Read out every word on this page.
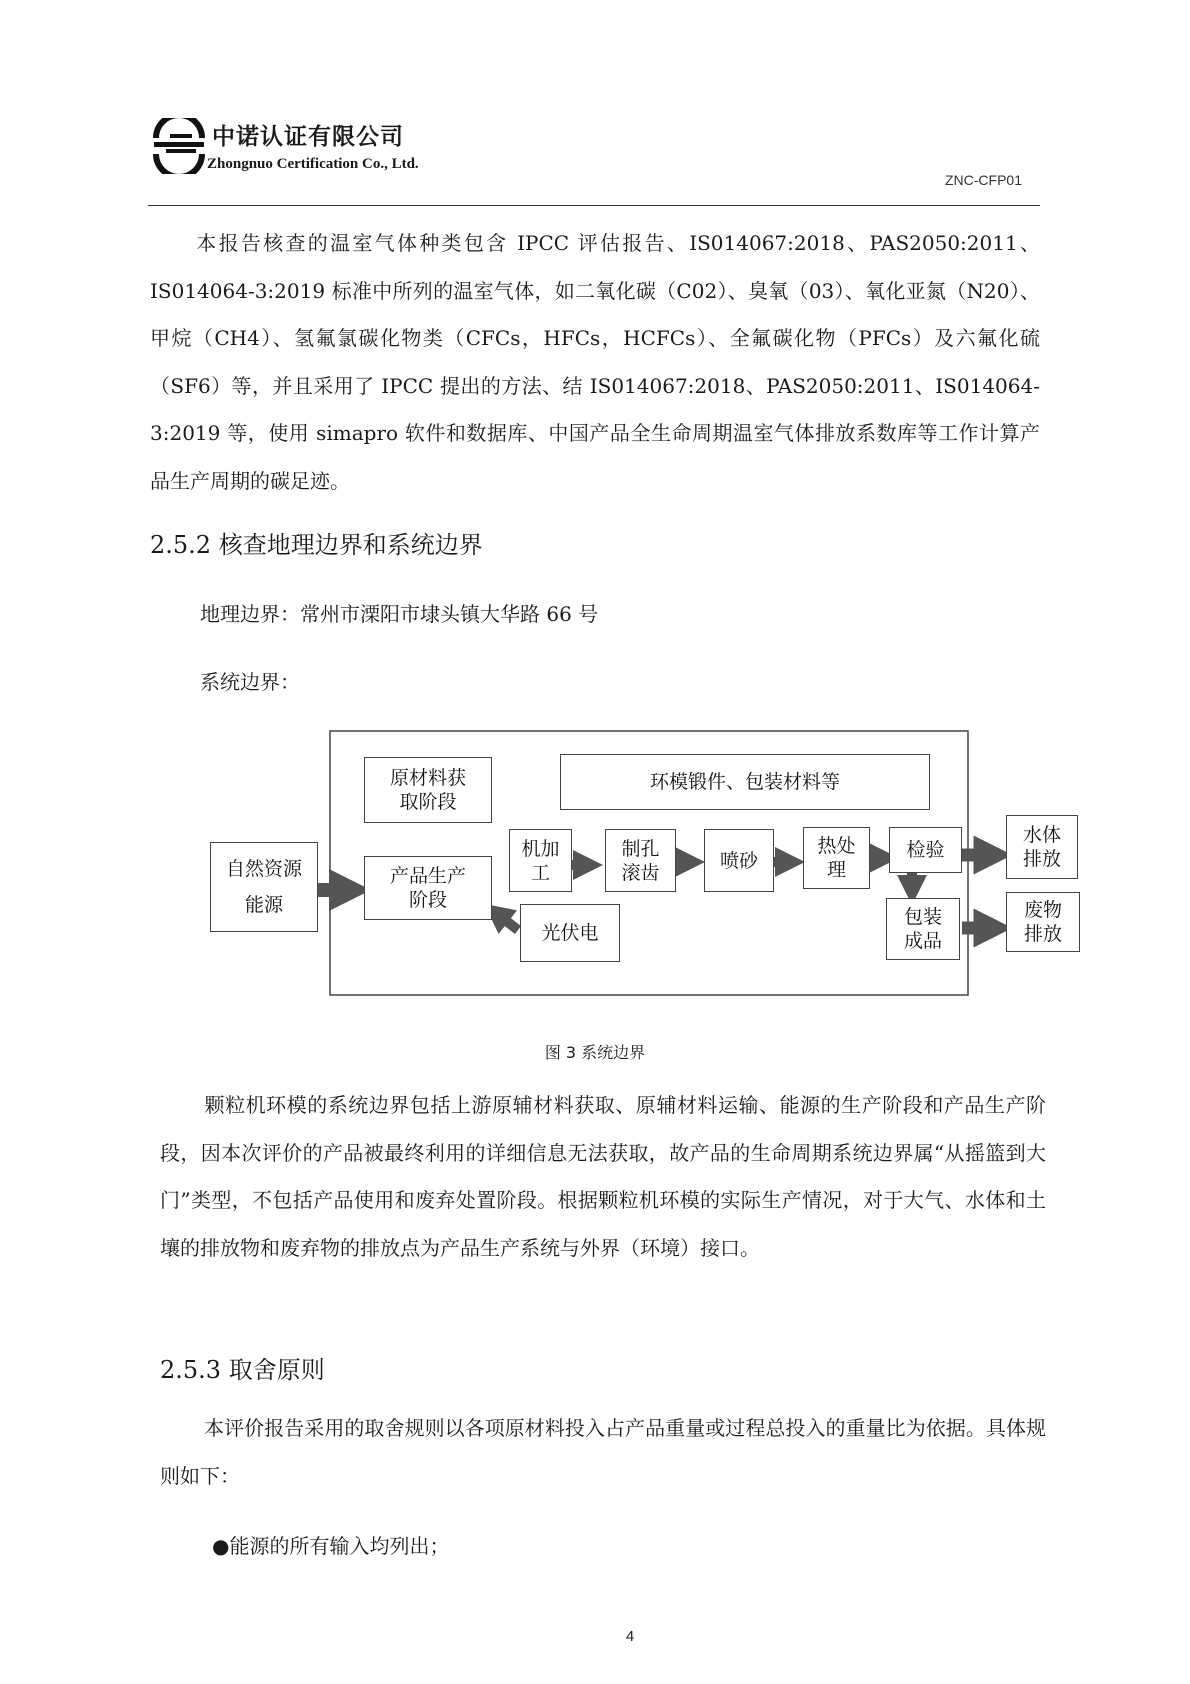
中诺认证有限公司
Zhongnuo Certification Co., Ltd.
ZNC-CFP01
本报告核查的温室气体种类包含 IPCC 评估报告、IS014067:2018、PAS2050:2011、IS014064-3:2019 标准中所列的温室气体，如二氧化碳（C02）、臭氧（03）、氧化亚氮（N20）、甲烷（CH4）、氢氟氯碳化物类（CFCs，HFCs，HCFCs）、全氟碳化物（PFCs）及六氟化硫（SF6）等，并且采用了 IPCC 提出的方法、结 IS014067:2018、PAS2050:2011、IS014064-3:2019 等，使用 simapro 软件和数据库、中国产品全生命周期温室气体排放系数库等工作计算产品生产周期的碳足迹。
2.5.2 核查地理边界和系统边界
地理边界：常州市溧阳市埭头镇大华路 66 号
系统边界：
自然资源
能源
原材料获
取阶段
环模锻件、包装材料等
产品生产
阶段
光伏电
机加
工
制孔
滚齿
喷砂
热处
理
检验
包装
成品
水体
排放
废物
排放
图 3 系统边界
颗粒机环模的系统边界包括上游原辅材料获取、原辅材料运输、能源的生产阶段和产品生产阶段，因本次评价的产品被最终利用的详细信息无法获取，故产品的生命周期系统边界属“从摇篮到大门”类型，不包括产品使用和废弃处置阶段。根据颗粒机环模的实际生产情况，对于大气、水体和土壤的排放物和废弃物的排放点为产品生产系统与外界（环境）接口。
2.5.3 取舍原则
本评价报告采用的取舍规则以各项原材料投入占产品重量或过程总投入的重量比为依据。具体规则如下：
●能源的所有输入均列出；
4
